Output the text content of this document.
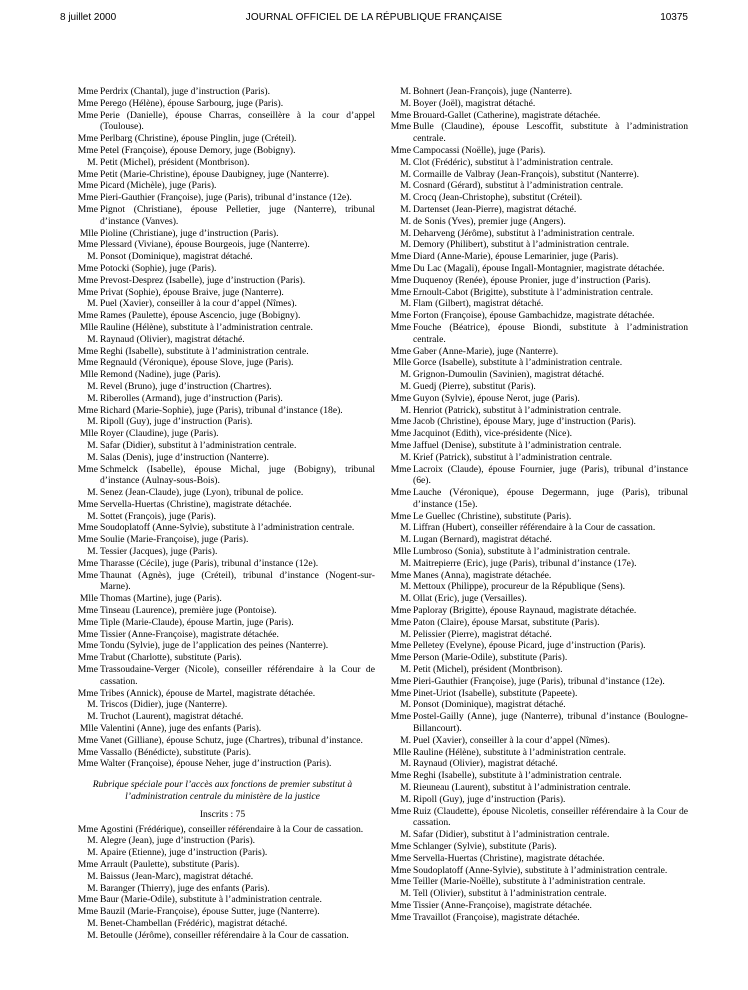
8 juillet 2000	JOURNAL OFFICIEL DE LA RÉPUBLIQUE FRANÇAISE	10375
Mme Perdrix (Chantal), juge d’instruction (Paris).
Mme Perego (Hélène), épouse Sarbourg, juge (Paris).
Mme Perie (Danielle), épouse Charras, conseillère à la cour d’appel (Toulouse).
Mme Perlbarg (Christine), épouse Pinglin, juge (Créteil).
Mme Petel (Françoise), épouse Demory, juge (Bobigny).
M. Petit (Michel), président (Montbrison).
Mme Petit (Marie-Christine), épouse Daubigney, juge (Nanterre).
Mme Picard (Michèle), juge (Paris).
Mme Pieri-Gauthier (Françoise), juge (Paris), tribunal d’instance (12e).
Mme Pignot (Christiane), épouse Pelletier, juge (Nanterre), tribunal d’instance (Vanves).
Mlle Pioline (Christiane), juge d’instruction (Paris).
Mme Plessard (Viviane), épouse Bourgeois, juge (Nanterre).
M. Ponsot (Dominique), magistrat détaché.
Mme Potocki (Sophie), juge (Paris).
Mme Prevost-Desprez (Isabelle), juge d’instruction (Paris).
Mme Privat (Sophie), épouse Braive, juge (Nanterre).
M. Puel (Xavier), conseiller à la cour d’appel (Nîmes).
Mme Rames (Paulette), épouse Ascencio, juge (Bobigny).
Mlle Rauline (Hélène), substitute à l’administration centrale.
M. Raynaud (Olivier), magistrat détaché.
Mme Reghi (Isabelle), substitute à l’administration centrale.
Mme Regnauld (Véronique), épouse Slove, juge (Paris).
Mlle Remond (Nadine), juge (Paris).
M. Revel (Bruno), juge d’instruction (Chartres).
M. Riberolles (Armand), juge d’instruction (Paris).
Mme Richard (Marie-Sophie), juge (Paris), tribunal d’instance (18e).
M. Ripoll (Guy), juge d’instruction (Paris).
Mlle Royer (Claudine), juge (Paris).
M. Safar (Didier), substitut à l’administration centrale.
M. Salas (Denis), juge d’instruction (Nanterre).
Mme Schmelck (Isabelle), épouse Michal, juge (Bobigny), tribunal d’instance (Aulnay-sous-Bois).
M. Senez (Jean-Claude), juge (Lyon), tribunal de police.
Mme Servella-Huertas (Christine), magistrate détachée.
M. Sottet (François), juge (Paris).
Mme Soudoplatoff (Anne-Sylvie), substitute à l’administration centrale.
Mme Soulie (Marie-Françoise), juge (Paris).
M. Tessier (Jacques), juge (Paris).
Mme Tharasse (Cécile), juge (Paris), tribunal d’instance (12e).
Mme Thaunat (Agnès), juge (Créteil), tribunal d’instance (Nogent-sur-Marne).
Mlle Thomas (Martine), juge (Paris).
Mme Tinseau (Laurence), première juge (Pontoise).
Mme Tiple (Marie-Claude), épouse Martin, juge (Paris).
Mme Tissier (Anne-Françoise), magistrate détachée.
Mme Tondu (Sylvie), juge de l’application des peines (Nanterre).
Mme Trabut (Charlotte), substitute (Paris).
Mme Trassoudaine-Verger (Nicole), conseiller référendaire à la Cour de cassation.
Mme Tribes (Annick), épouse de Martel, magistrate détachée.
M. Triscos (Didier), juge (Nanterre).
M. Truchot (Laurent), magistrat détaché.
Mlle Valentini (Anne), juge des enfants (Paris).
Mme Vanet (Gilliane), épouse Schutz, juge (Chartres), tribunal d’instance.
Mme Vassallo (Bénédicte), substitute (Paris).
Mme Walter (Françoise), épouse Neher, juge d’instruction (Paris).
Rubrique spéciale pour l’accès aux fonctions de premier substitut à l’administration centrale du ministère de la justice
Inscrits : 75
Mme Agostini (Frédérique), conseiller référendaire à la Cour de cassation.
M. Alegre (Jean), juge d’instruction (Paris).
M. Apaire (Etienne), juge d’instruction (Paris).
Mme Arrault (Paulette), substitute (Paris).
M. Baissus (Jean-Marc), magistrat détaché.
M. Baranger (Thierry), juge des enfants (Paris).
Mme Baur (Marie-Odile), substitute à l’administration centrale.
Mme Bauzil (Marie-Françoise), épouse Sutter, juge (Nanterre).
M. Benet-Chambellan (Frédéric), magistrat détaché.
M. Betoulle (Jérôme), conseiller référendaire à la Cour de cassation.
M. Bohnert (Jean-François), juge (Nanterre).
M. Boyer (Joël), magistrat détaché.
Mme Brouard-Gallet (Catherine), magistrate détachée.
Mme Bulle (Claudine), épouse Lescoffit, substitute à l’administration centrale.
Mme Campocassi (Noëlle), juge (Paris).
M. Clot (Frédéric), substitut à l’administration centrale.
M. Cormaille de Valbray (Jean-François), substitut (Nanterre).
M. Cosnard (Gérard), substitut à l’administration centrale.
M. Crocq (Jean-Christophe), substitut (Créteil).
M. Dartenset (Jean-Pierre), magistrat détaché.
M. de Sonis (Yves), premier juge (Angers).
M. Deharveng (Jérôme), substitut à l’administration centrale.
M. Demory (Philibert), substitut à l’administration centrale.
Mme Diard (Anne-Marie), épouse Lemarinier, juge (Paris).
Mme Du Lac (Magali), épouse Ingall-Montagnier, magistrate détachée.
Mme Duquenoy (Renée), épouse Pronier, juge d’instruction (Paris).
Mme Ernoult-Cabot (Brigitte), substitute à l’administration centrale.
M. Flam (Gilbert), magistrat détaché.
Mme Forton (Françoise), épouse Gambachidze, magistrate détachée.
Mme Fouche (Béatrice), épouse Biondi, substitute à l’administration centrale.
Mme Gaber (Anne-Marie), juge (Nanterre).
Mlle Gorce (Isabelle), substitute à l’administration centrale.
M. Grignon-Dumoulin (Savinien), magistrat détaché.
M. Guedj (Pierre), substitut (Paris).
Mme Guyon (Sylvie), épouse Nerot, juge (Paris).
M. Henriot (Patrick), substitut à l’administration centrale.
Mme Jacob (Christine), épouse Mary, juge d’instruction (Paris).
Mme Jacquinot (Edith), vice-présidente (Nice).
Mme Jaffuel (Denise), substitute à l’administration centrale.
M. Krief (Patrick), substitut à l’administration centrale.
Mme Lacroix (Claude), épouse Fournier, juge (Paris), tribunal d’instance (6e).
Mme Lauche (Véronique), épouse Degermann, juge (Paris), tribunal d’instance (15e).
Mme Le Guellec (Christine), substitute (Paris).
M. Liffran (Hubert), conseiller référendaire à la Cour de cassation.
M. Lugan (Bernard), magistrat détaché.
Mlle Lumbroso (Sonia), substitute à l’administration centrale.
M. Maitrepierre (Eric), juge (Paris), tribunal d’instance (17e).
Mme Manes (Anna), magistrate détachée.
M. Mettoux (Philippe), procureur de la République (Sens).
M. Ollat (Eric), juge (Versailles).
Mme Paploray (Brigitte), épouse Raynaud, magistrate détachée.
Mme Paton (Claire), épouse Marsat, substitute (Paris).
M. Pelissier (Pierre), magistrat détaché.
Mme Pelletey (Evelyne), épouse Picard, juge d’instruction (Paris).
Mme Person (Marie-Odile), substitute (Paris).
M. Petit (Michel), président (Montbrison).
Mme Pieri-Gauthier (Françoise), juge (Paris), tribunal d’instance (12e).
Mme Pinet-Uriot (Isabelle), substitute (Papeete).
M. Ponsot (Dominique), magistrat détaché.
Mme Postel-Gailly (Anne), juge (Nanterre), tribunal d’instance (Boulogne-Billancourt).
M. Puel (Xavier), conseiller à la cour d’appel (Nîmes).
Mlle Rauline (Hélène), substitute à l’administration centrale.
M. Raynaud (Olivier), magistrat détaché.
Mme Reghi (Isabelle), substitute à l’administration centrale.
M. Rieuneau (Laurent), substitut à l’administration centrale.
M. Ripoll (Guy), juge d’instruction (Paris).
Mme Ruiz (Claudette), épouse Nicoletis, conseiller référendaire à la Cour de cassation.
M. Safar (Didier), substitut à l’administration centrale.
Mme Schlanger (Sylvie), substitute (Paris).
Mme Servella-Huertas (Christine), magistrate détachée.
Mme Soudoplatoff (Anne-Sylvie), substitute à l’administration centrale.
Mme Teiller (Marie-Noëlle), substitute à l’administration centrale.
M. Tell (Olivier), substitut à l’administration centrale.
Mme Tissier (Anne-Françoise), magistrate détachée.
Mme Travaillot (Françoise), magistrate détachée.
